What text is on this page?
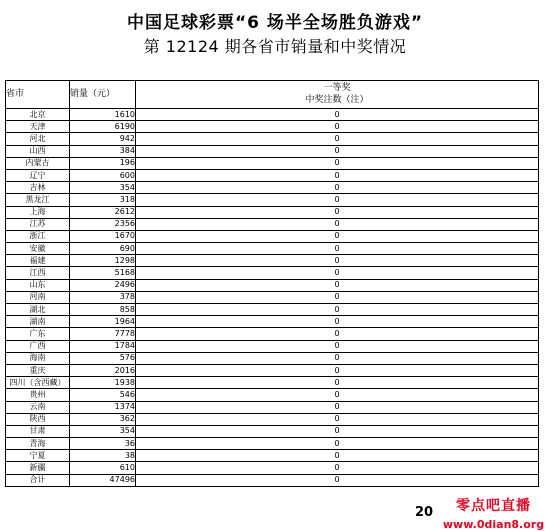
中国足球彩票“6 场半全场胜负游戏”
第 12124 期各省市销量和中奖情况
省市	销量（元）	一等奖
中奖注数（注）

北京	1610	0
天津	6190	0
河北	942	0
山西	384	0
内蒙古	196	0
辽宁	600	0
吉林	354	0
黑龙江	318	0
上海	2612	0
江苏	2356	0
浙江	1670	0
安徽	690	0
福建	1298	0
江西	5168	0
山东	2496	0
河南	378	0
湖北	858	0
湖南	1964	0
广东	7778	0
广西	1784	0
海南	576	0
重庆	2016	0
四川（含西藏）	1938	0
贵州	546	0
云南	1374	0
陕西	362	0
甘肃	354	0
青海	36	0
宁夏	38	0
新疆	610	0
合计	47496	0
20	零点吧直播
www.0dian8.org
